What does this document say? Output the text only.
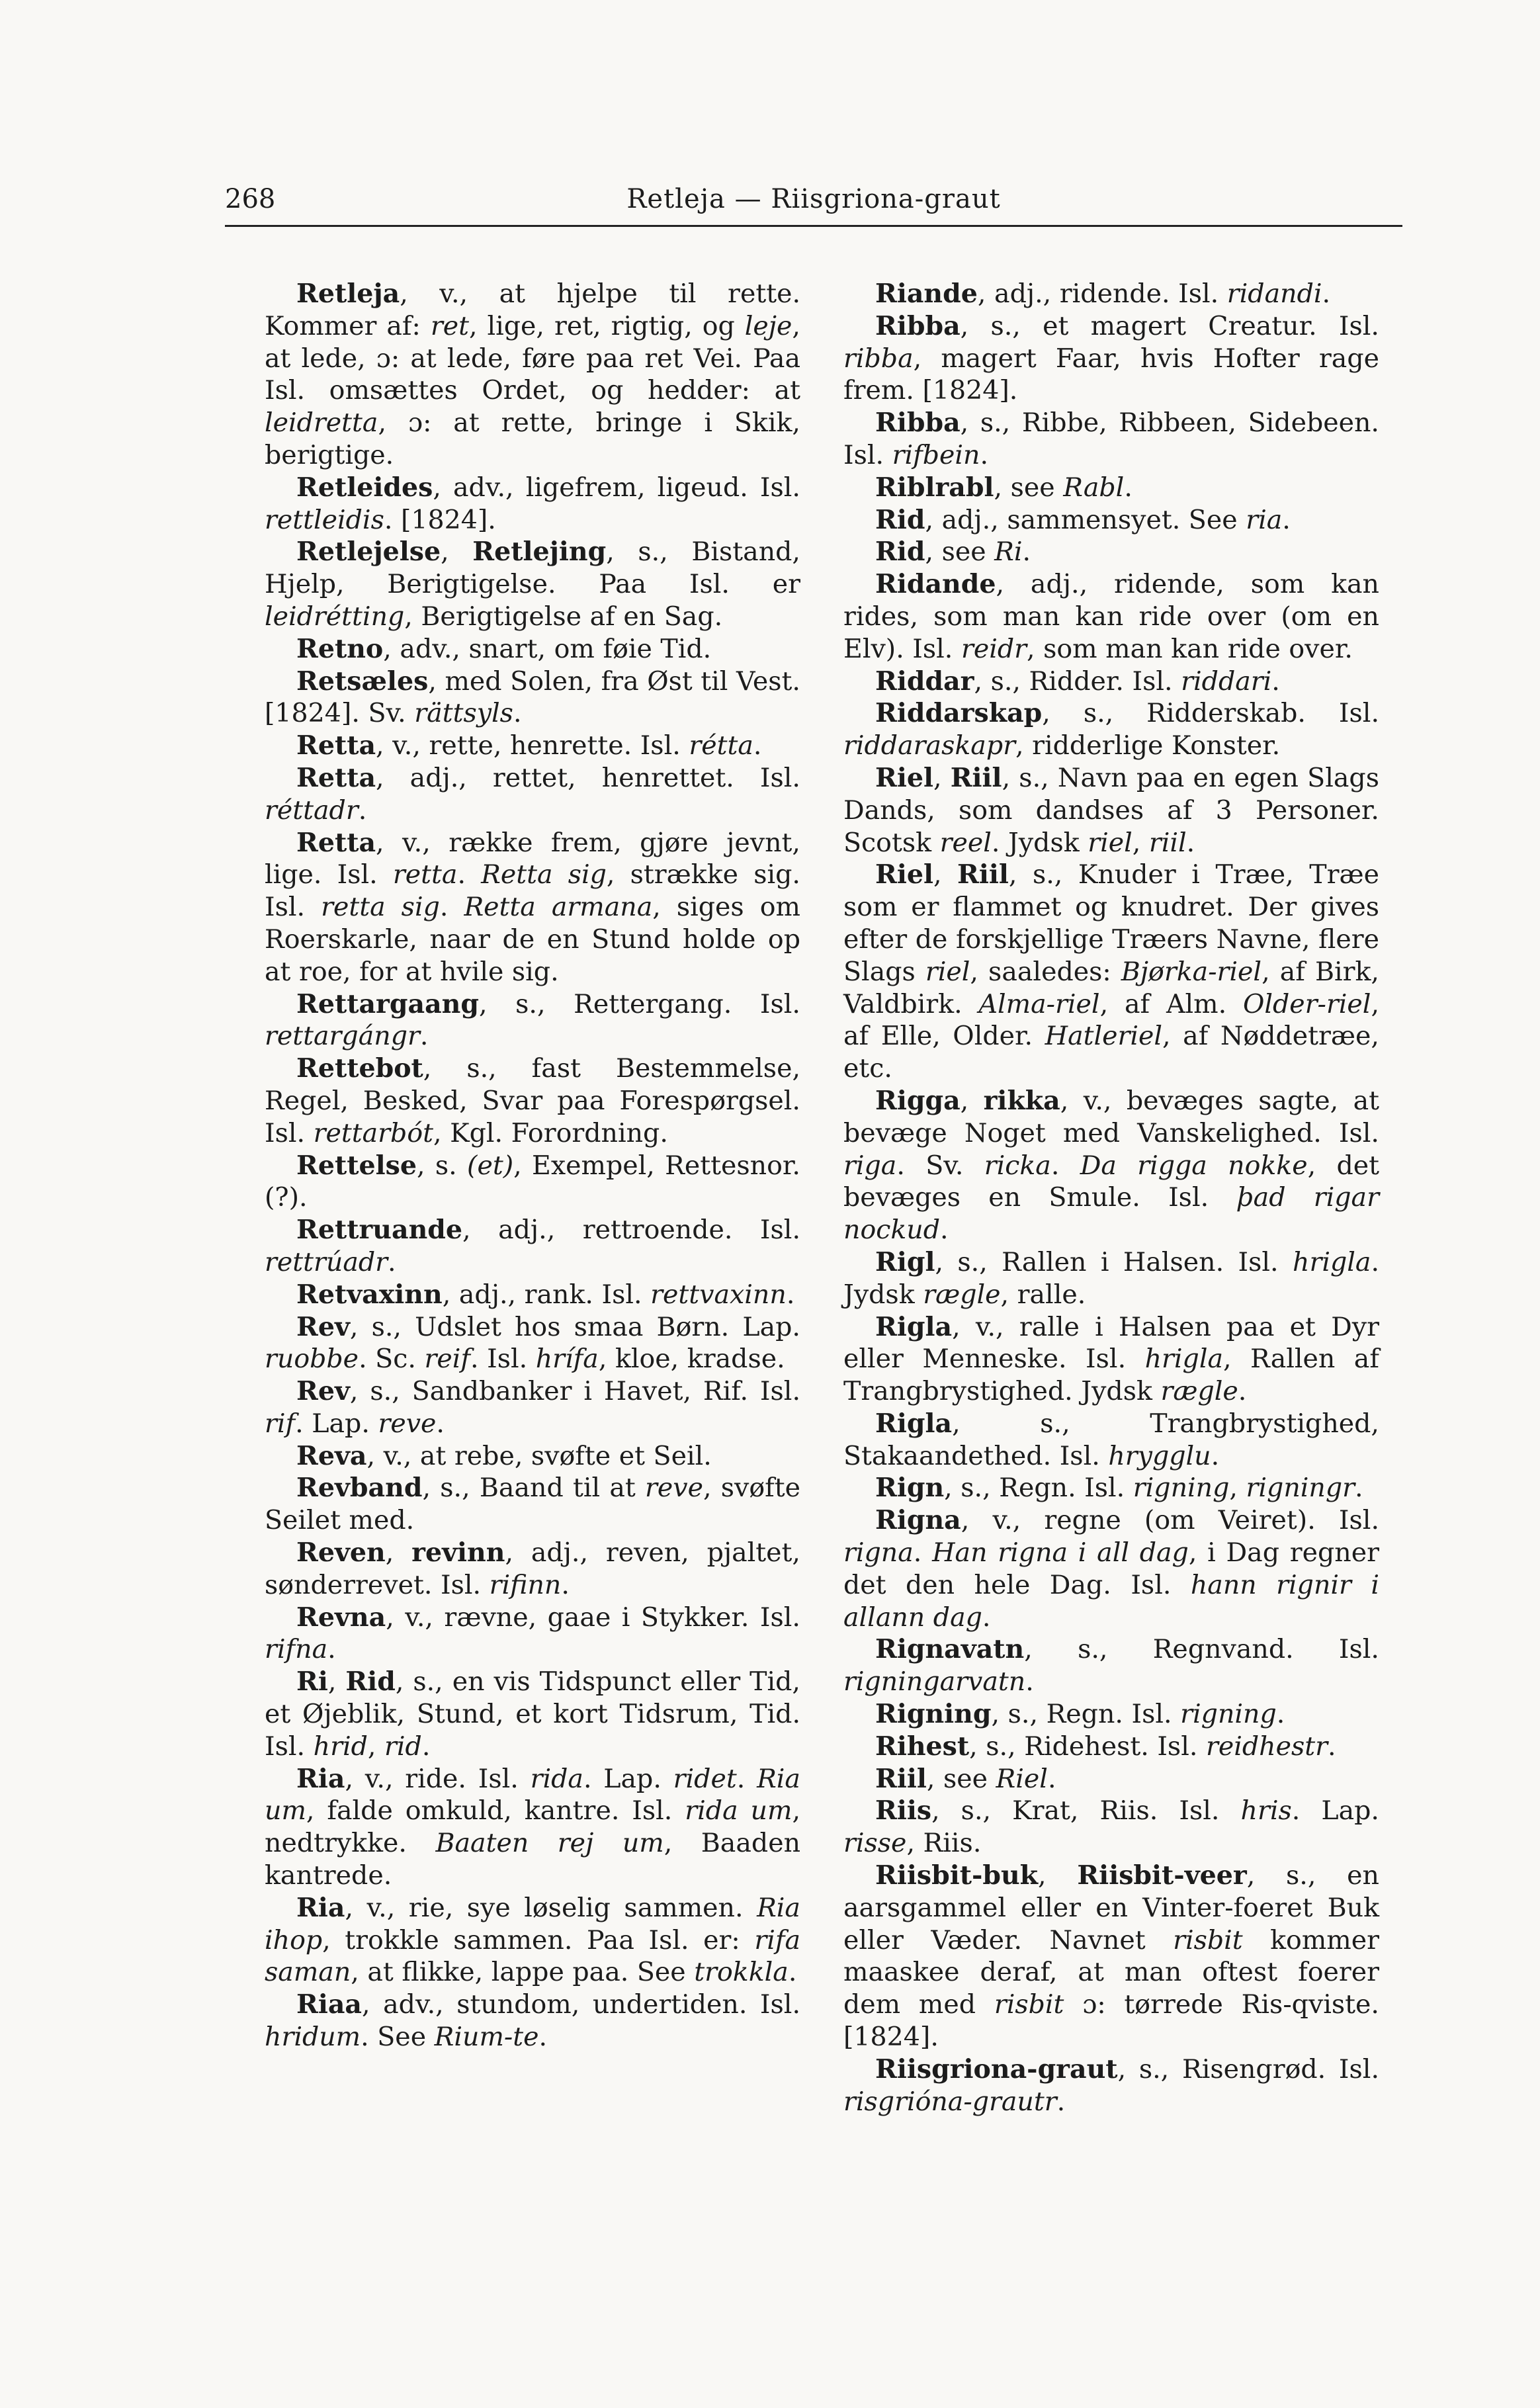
268	Retleja — Riisgriona-graut

Retleja, v., at hjelpe til rette. Kommer af: ret, lige, ret, rigtig, og leje, at lede, ɔ: at lede, føre paa ret Vei. Paa Isl. omsættes Ordet, og hedder: at leidretta, ɔ: at rette, bringe i Skik, berigtige.

Retleides, adv., ligefrem, ligeud. Isl. rettleidis. [1824].

Retlejelse, Retlejing, s., Bistand, Hjelp, Berigtigelse. Paa Isl. er leidrétting, Berigtigelse af en Sag.

Retno, adv., snart, om føie Tid.

Retsæles, med Solen, fra Øst til Vest. [1824]. Sv. rättsyls.

Retta, v., rette, henrette. Isl. rétta.

Retta, adj., rettet, henrettet. Isl. réttadr.

Retta, v., række frem, gjøre jevnt, lige. Isl. retta. Retta sig, strække sig. Isl. retta sig. Retta armana, siges om Roerskarle, naar de en Stund holde op at roe, for at hvile sig.

Rettargaang, s., Rettergang. Isl. rettargángr.

Rettebot, s., fast Bestemmelse, Regel, Besked, Svar paa Forespørgsel. Isl. rettarbót, Kgl. Forordning.

Rettelse, s. (et), Exempel, Rettesnor. (?).

Rettruande, adj., rettroende. Isl. rettrúadr.

Retvaxinn, adj., rank. Isl. rettvaxinn.

Rev, s., Udslet hos smaa Børn. Lap. ruobbe. Sc. reif. Isl. hrífa, kloe, kradse.

Rev, s., Sandbanker i Havet, Rif. Isl. rif. Lap. reve.

Reva, v., at rebe, svøfte et Seil.

Revband, s., Baand til at reve, svøfte Seilet med.

Reven, revinn, adj., reven, pjaltet, sønderrevet. Isl. rifinn.

Revna, v., rævne, gaae i Stykker. Isl. rifna.

Ri, Rid, s., en vis Tidspunct eller Tid, et Øjeblik, Stund, et kort Tidsrum, Tid. Isl. hrid, rid.

Ria, v., ride. Isl. rida. Lap. ridet. Ria um, falde omkuld, kantre. Isl. rida um, nedtrykke. Baaten rej um, Baaden kantrede.

Ria, v., rie, sye løselig sammen. Ria ihop, trokkle sammen. Paa Isl. er: rifa saman, at flikke, lappe paa. See trokkla.

Riaa, adv., stundom, undertiden. Isl. hridum. See Rium-te.

Riande, adj., ridende. Isl. ridandi.

Ribba, s., et magert Creatur. Isl. ribba, magert Faar, hvis Hofter rage frem. [1824].

Ribba, s., Ribbe, Ribbeen, Sidebeen. Isl. rifbein.

Riblrabl, see Rabl.

Rid, adj., sammensyet. See ria.

Rid, see Ri.

Ridande, adj., ridende, som kan rides, som man kan ride over (om en Elv). Isl. reidr, som man kan ride over.

Riddar, s., Ridder. Isl. riddari.

Riddarskap, s., Ridderskab. Isl. riddaraskapr, ridderlige Konster.

Riel, Riil, s., Navn paa en egen Slags Dands, som dandses af 3 Personer. Scotsk reel. Jydsk riel, riil.

Riel, Riil, s., Knuder i Træe, Træe som er flammet og knudret. Der gives efter de forskjellige Træers Navne, flere Slags riel, saaledes: Bjørka-riel, af Birk, Valdbirk. Alma-riel, af Alm. Older-riel, af Elle, Older. Hatleriel, af Nøddetræe, etc.

Rigga, rikka, v., bevæges sagte, at bevæge Noget med Vanskelighed. Isl. riga. Sv. ricka. Da rigga nokke, det bevæges en Smule. Isl. þad rigar nockud.

Rigl, s., Rallen i Halsen. Isl. hrigla. Jydsk rægle, ralle.

Rigla, v., ralle i Halsen paa et Dyr eller Menneske. Isl. hrigla, Rallen af Trangbrystighed. Jydsk rægle.

Rigla, s., Trangbrystighed, Stakaandethed. Isl. hrygglu.

Rign, s., Regn. Isl. rigning, rigningr.

Rigna, v., regne (om Veiret). Isl. rigna. Han rigna i all dag, i Dag regner det den hele Dag. Isl. hann rignir i allann dag.

Rignavatn, s., Regnvand. Isl. rigningarvatn.

Rigning, s., Regn. Isl. rigning.

Rihest, s., Ridehest. Isl. reidhestr.

Riil, see Riel.

Riis, s., Krat, Riis. Isl. hris. Lap. risse, Riis.

Riisbit-buk, Riisbit-veer, s., en aarsgammel eller en Vinter-foeret Buk eller Væder. Navnet risbit kommer maaskee deraf, at man oftest foerer dem med risbit ɔ: tørrede Ris-qviste. [1824].

Riisgriona-graut, s., Risengrød. Isl. risgrióna-grautr.
